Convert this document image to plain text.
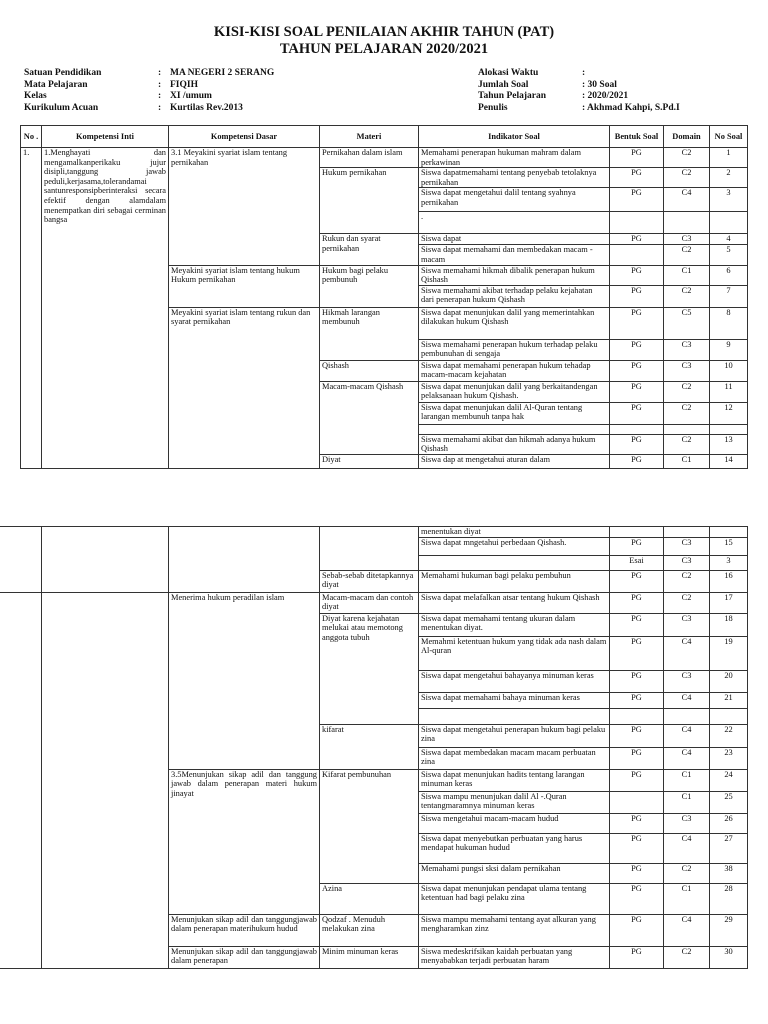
KISI-KISI SOAL PENILAIAN AKHIR TAHUN (PAT)
TAHUN PELAJARAN 2020/2021
Satuan Pendidikan	: MA NEGERI 2 SERANG
Mata Pelajaran	: FIQIH
Kelas	: XI /umum
Kurikulum Acuan	: Kurtilas Rev.2013
Alokasi Waktu	:
Jumlah Soal	: 30 Soal
Tahun Pelajaran	: 2020/2021
Penulis	: Akhmad Kahpi, S.Pd.I
No .	Kompetensi Inti	Kompetensi Dasar	Materi	Indikator Soal	Bentuk Soal	Domain	No Soal
1.	1.Menghayati dan mengamalkanperikaku jujur disipli,tanggung jawab peduli,kerjasama,tolerandamai santunresponsipberinteraksi secara efektif dengan alamdalam menempatkan diri sebagai cerminan bangsa	3.1 Meyakini syariat islam tentang pernikahan	Pernikahan dalam islam	Memahami penerapan hukuman mahram dalam perkawinan	PG	C2	1
			Hukum pernikahan	Siswa dapatmemahami tentang penyebab tetolaknya pernikahan	PG	C2	2
				Siswa dapat mengetahui dalil tentang syahnya pernikahan	PG	C4	3
				.			
			Rukun dan syarat pernikahan	Siswa dapat	PG	C3	4
				Siswa dapat memahami dan membedakan macam -macam		C2	5
		Meyakini syariat islam tentang hukum Hukum pernikahan	Hukum bagi pelaku pembunuh	Siswa memahami hikmah dibalik penerapan hukum Qishash	PG	C1	6
				Siswa memahami akibat terhadap pelaku kejahatan dari penerapan hukum Qishash	PG	C2	7
		Meyakini syariat islam tentang rukun dan syarat pernikahan	Hikmah larangan membunuh	Siswa dapat menunjukan dalil yang memerintahkan dilakukan hukum Qishash	PG	C5	8
				Siswa memahami penerapan hukum terhadap pelaku pembunuhan di sengaja	PG	C3	9
			Qishash	Siswa dapat memahami penerapan hukum tehadap macam-macam kejahatan	PG	C3	10
			Macam-macam Qishash	Siswa dapat menunjukan dalil yang berkaitandengan pelaksanaan hukum Qishash.	PG	C2	11
				Siswa dapat menunjukan dalil Al-Quran tentang larangan membunuh tanpa hak	PG	C2	12

				Siswa memahami akibat dan hikmah adanya hukum Qishash	PG	C2	13
			Diyat	Siswa dap at mengetahui aturan dalam	PG	C1	14
				menentukan diyat			
				Siswa dapat mngetahui perbedaan Qishash.	PG	C3	15
					Esai	C3	3
			Sebab-sebab ditetapkannya diyat	Memahami hukuman bagi pelaku pembuhun	PG	C2	16
		Menerima hukum peradilan islam	Macam-macam dan contoh diyat	Siswa dapat melafalkan atsar tentang hukum Qishash	PG	C2	17
			Diyat karena kejahatan melukai atau memotong anggota tubuh	Siswa dapat memahami tentang ukuran dalam menentukan diyat.	PG	C3	18
				Memahmi ketentuan hukum yang tidak ada nash dalam Al-quran	PG	C4	19
				Siswa dapat mengetahui bahayanya minuman keras	PG	C3	20
				Siswa dapat memahami bahaya minuman keras	PG	C4	21

			kifarat	Siswa dapat mengetahui penerapan hukum bagi pelaku zina	PG	C4	22
				Siswa dapat membedakan macam macam perbuatan zina	PG	C4	23
		3.5Menunjukan sikap adil dan tanggung jawab dalam penerapan materi hukum jinayat	Kifarat pembunuhan	Siswa dapat menunjukan hadits tentang larangan minuman keras	PG	C1	24
				Siswa mampu menunjukan dalil Al -.Quran tentangmaramnya minuman keras		C1	25
				Siswa mengetahui macam-macam hudud	PG	C3	26
				Siswa dapat menyebutkan perbuatan yang harus mendapat hukuman hudud	PG	C4	27
				Memahami pungsi sksi dalam pernikahan	PG	C2	38
			Azina	Siswa dapat menunjukan pendapat ulama tentang ketentuan had bagi pelaku zina	PG	C1	28
		Menunjukan sikap adil dan tanggungjawab dalam penerapan materihukum hudud	Qodzaf . Menuduh melakukan zina	Siswa mampu memahami tentang ayat alkuran yang mengharamkan zinz	PG	C4	29
		Menunjukan sikap adil dan tanggungjawab dalam penerapan	Minim minuman keras	Siswa medeskrifsikan kaidah perbuatan yang menyababkan terjadi perbuatan haram	PG	C2	30
